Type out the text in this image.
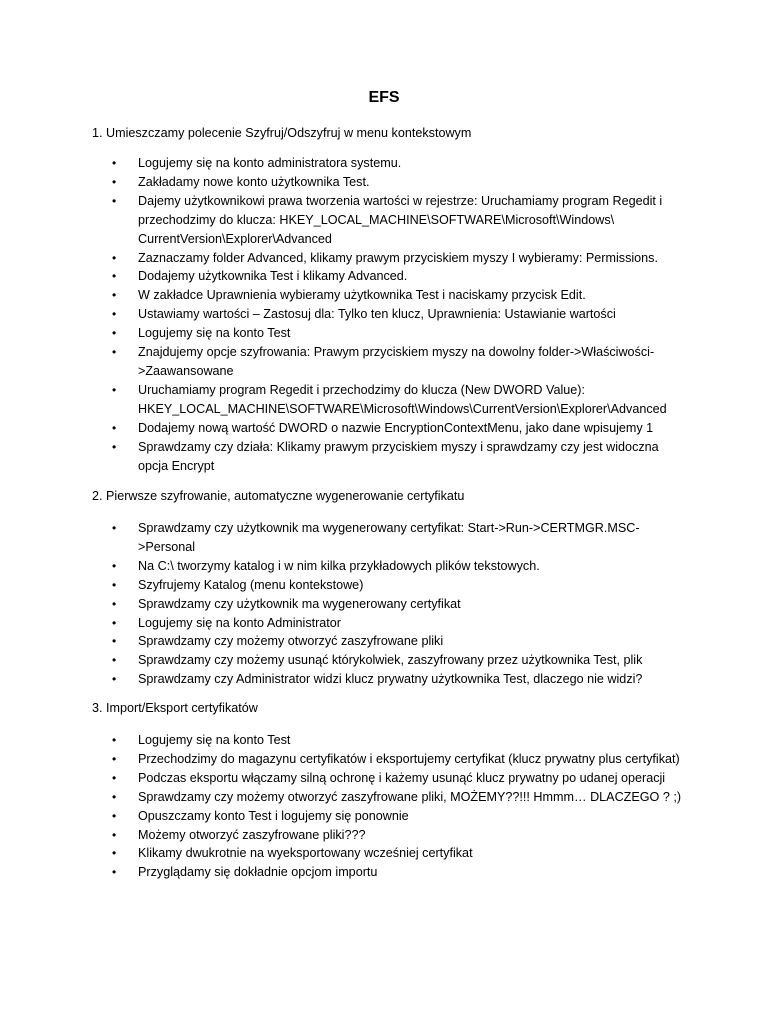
EFS
1. Umieszczamy polecenie Szyfruj/Odszyfruj w menu kontekstowym
• Logujemy się na konto administratora systemu.
• Zakładamy nowe konto użytkownika Test.
• Dajemy użytkownikowi prawa tworzenia wartości w rejestrze: Uruchamiamy program Regedit i przechodzimy do klucza: HKEY_LOCAL_MACHINE\SOFTWARE\Microsoft\Windows\ CurrentVersion\Explorer\Advanced
• Zaznaczamy folder Advanced, klikamy prawym przyciskiem myszy I wybieramy: Permissions.
• Dodajemy użytkownika Test i klikamy Advanced.
• W zakładce Uprawnienia wybieramy użytkownika Test i naciskamy przycisk Edit.
• Ustawiamy wartości – Zastosuj dla: Tylko ten klucz, Uprawnienia: Ustawianie wartości
• Logujemy się na konto Test
• Znajdujemy opcje szyfrowania: Prawym przyciskiem myszy na dowolny folder->Właściwości->Zaawansowane
• Uruchamiamy program Regedit i przechodzimy do klucza (New DWORD Value): HKEY_LOCAL_MACHINE\SOFTWARE\Microsoft\Windows\CurrentVersion\Explorer\Advanced
• Dodajemy nową wartość DWORD o nazwie EncryptionContextMenu, jako dane wpisujemy 1
• Sprawdzamy czy działa: Klikamy prawym przyciskiem myszy i sprawdzamy czy jest widoczna opcja Encrypt
2. Pierwsze szyfrowanie, automatyczne wygenerowanie certyfikatu
• Sprawdzamy czy użytkownik ma wygenerowany certyfikat: Start->Run->CERTMGR.MSC->Personal
• Na C:\ tworzymy katalog i w nim kilka przykładowych plików tekstowych.
• Szyfrujemy Katalog (menu kontekstowe)
• Sprawdzamy czy użytkownik ma wygenerowany certyfikat
• Logujemy się na konto Administrator
• Sprawdzamy czy możemy otworzyć zaszyfrowane pliki
• Sprawdzamy czy możemy usunąć którykolwiek, zaszyfrowany przez użytkownika Test, plik
• Sprawdzamy czy Administrator widzi klucz prywatny użytkownika Test, dlaczego nie widzi?
3. Import/Eksport certyfikatów
• Logujemy się na konto Test
• Przechodzimy do magazynu certyfikatów i eksportujemy certyfikat (klucz prywatny plus certyfikat)
• Podczas eksportu włączamy silną ochronę i każemy usunąć klucz prywatny po udanej operacji
• Sprawdzamy czy możemy otworzyć zaszyfrowane pliki, MOŻEMY??!!! Hmmm… DLACZEGO ? ;)
• Opuszczamy konto Test i logujemy się ponownie
• Możemy otworzyć zaszyfrowane pliki???
• Klikamy dwukrotnie na wyeksportowany wcześniej certyfikat
• Przyglądamy się dokładnie opcjom importu
